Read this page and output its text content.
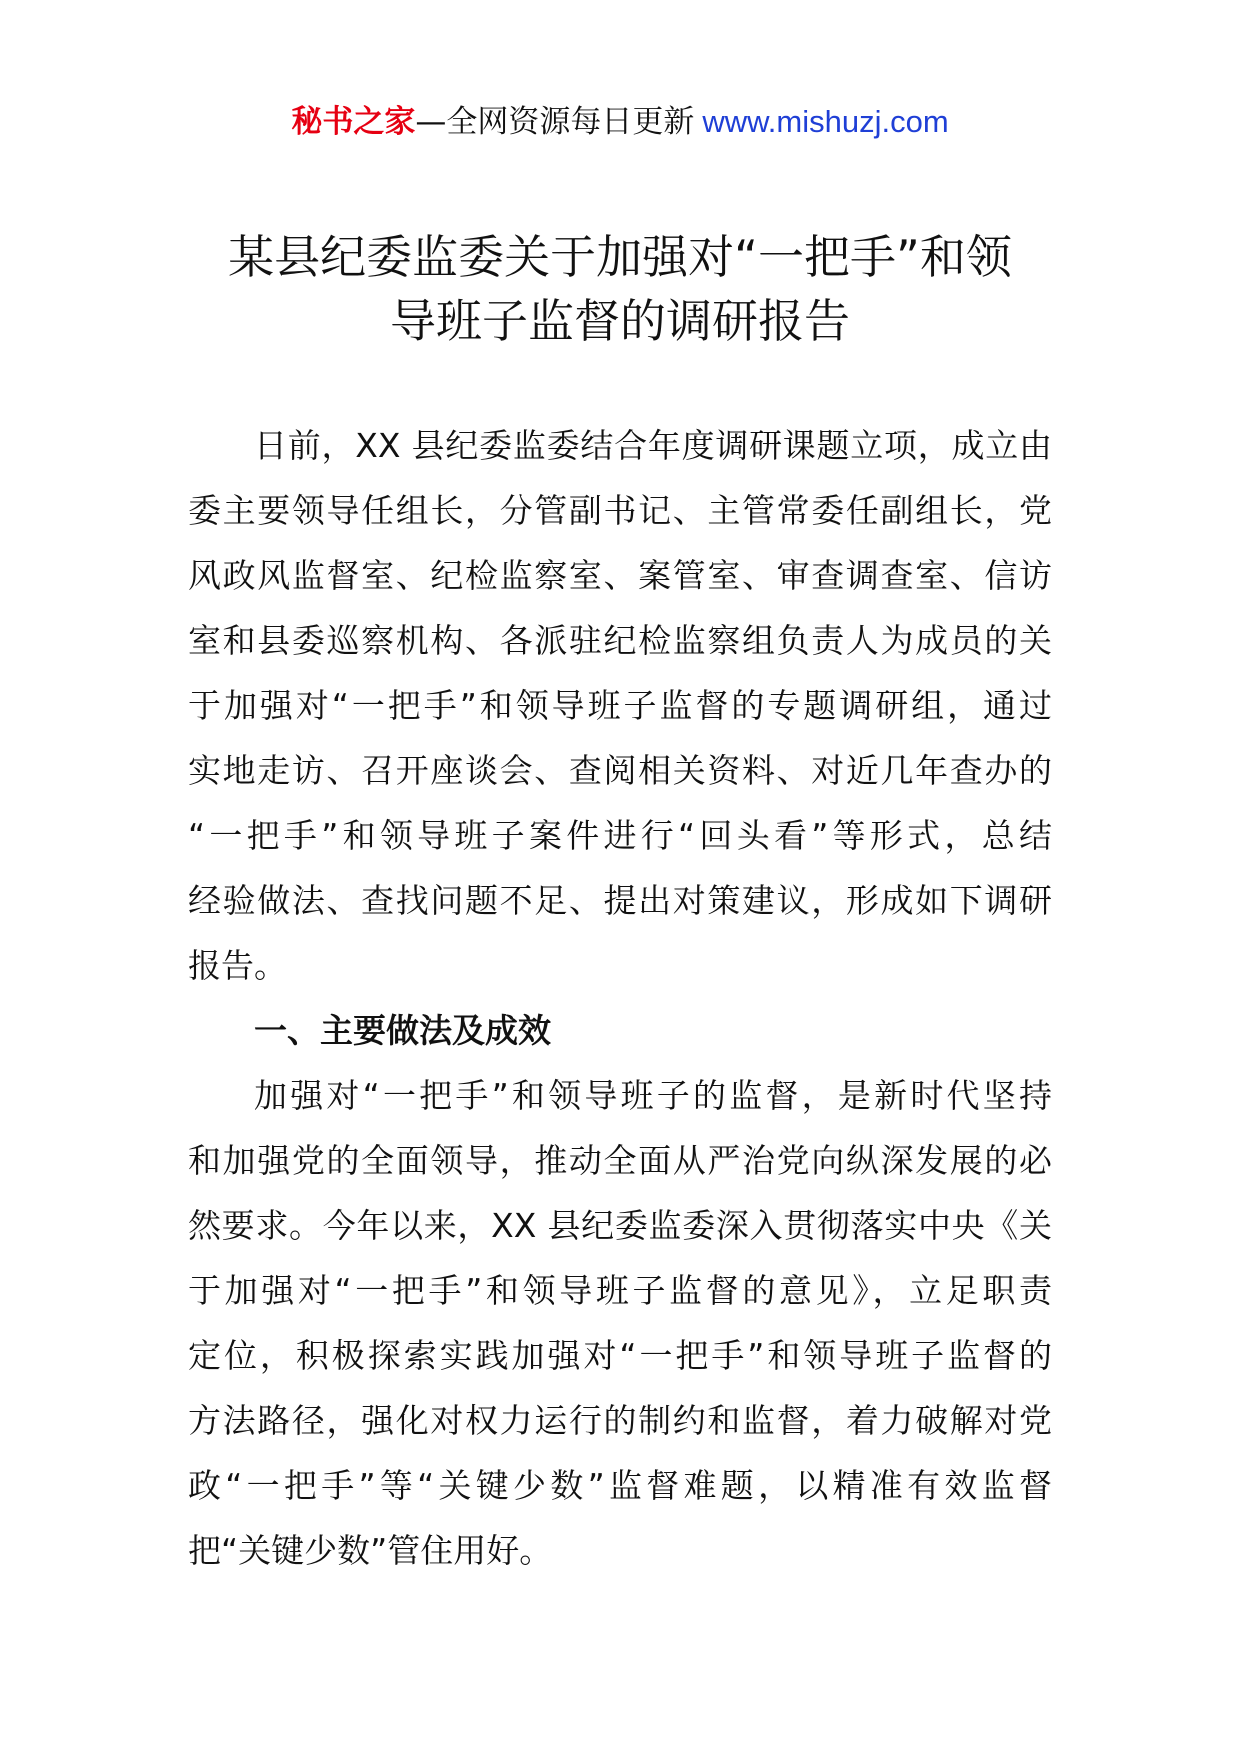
秘书之家—全网资源每日更新 www.mishuzj.com
某县纪委监委关于加强对“一把手”和领
导班子监督的调研报告

日前，XX 县纪委监委结合年度调研课题立项，成立由
委主要领导任组长，分管副书记、主管常委任副组长，党
风政风监督室、纪检监察室、案管室、审查调查室、信访
室和县委巡察机构、各派驻纪检监察组负责人为成员的关
于加强对“一把手”和领导班子监督的专题调研组，通过
实地走访、召开座谈会、查阅相关资料、对近几年查办的
“一把手”和领导班子案件进行“回头看”等形式，总结
经验做法、查找问题不足、提出对策建议，形成如下调研
报告。

一、主要做法及成效

加强对“一把手”和领导班子的监督，是新时代坚持
和加强党的全面领导，推动全面从严治党向纵深发展的必
然要求。今年以来，XX 县纪委监委深入贯彻落实中央《关
于加强对“一把手”和领导班子监督的意见》，立足职责
定位，积极探索实践加强对“一把手”和领导班子监督的
方法路径，强化对权力运行的制约和监督，着力破解对党
政“一把手”等“关键少数”监督难题，以精准有效监督
把“关键少数”管住用好。
